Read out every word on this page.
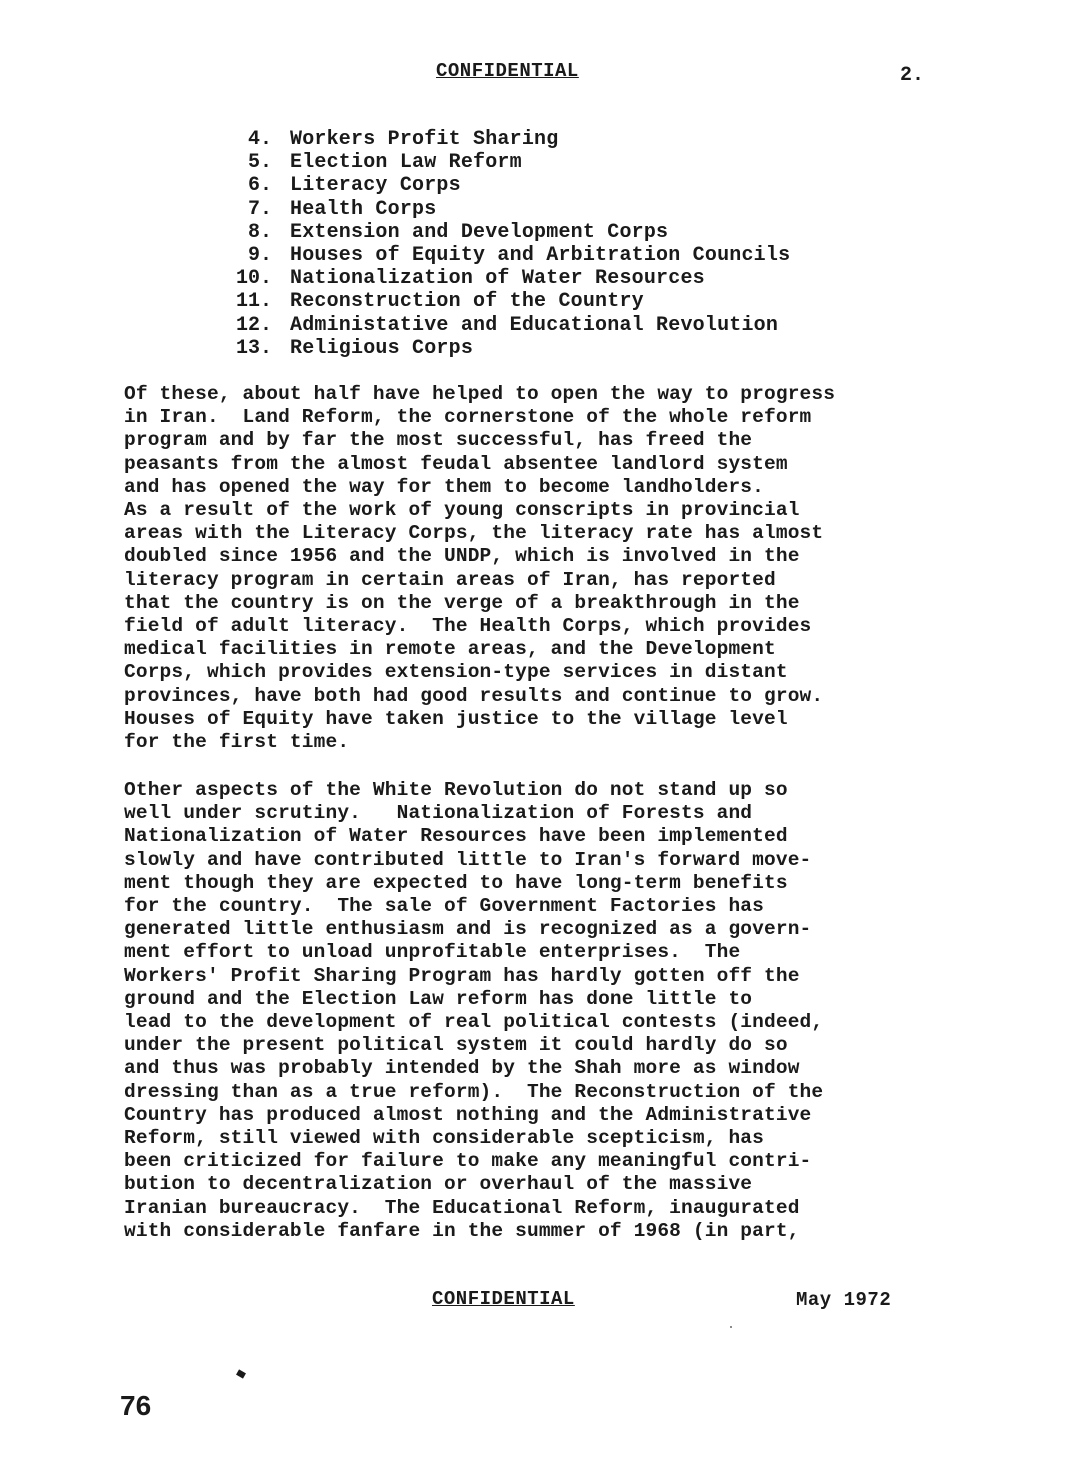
CONFIDENTIAL	2.
4. Workers Profit Sharing
5. Election Law Reform
6. Literacy Corps
7. Health Corps
8. Extension and Development Corps
9. Houses of Equity and Arbitration Councils
10. Nationalization of Water Resources
11. Reconstruction of the Country
12. Administative and Educational Revolution
13. Religious Corps

Of these, about half have helped to open the way to progress
in Iran.  Land Reform, the cornerstone of the whole reform
program and by far the most successful, has freed the
peasants from the almost feudal absentee landlord system
and has opened the way for them to become landholders.
As a result of the work of young conscripts in provincial
areas with the Literacy Corps, the literacy rate has almost
doubled since 1956 and the UNDP, which is involved in the
literacy program in certain areas of Iran, has reported
that the country is on the verge of a breakthrough in the
field of adult literacy.  The Health Corps, which provides
medical facilities in remote areas, and the Development
Corps, which provides extension-type services in distant
provinces, have both had good results and continue to grow.
Houses of Equity have taken justice to the village level
for the first time.

Other aspects of the White Revolution do not stand up so
well under scrutiny.   Nationalization of Forests and
Nationalization of Water Resources have been implemented
slowly and have contributed little to Iran's forward move-
ment though they are expected to have long-term benefits
for the country.  The sale of Government Factories has
generated little enthusiasm and is recognized as a govern-
ment effort to unload unprofitable enterprises.  The
Workers' Profit Sharing Program has hardly gotten off the
ground and the Election Law reform has done little to
lead to the development of real political contests (indeed,
under the present political system it could hardly do so
and thus was probably intended by the Shah more as window
dressing than as a true reform).  The Reconstruction of the
Country has produced almost nothing and the Administrative
Reform, still viewed with considerable scepticism, has
been criticized for failure to make any meaningful contri-
bution to decentralization or overhaul of the massive
Iranian bureaucracy.  The Educational Reform, inaugurated
with considerable fanfare in the summer of 1968 (in part,

CONFIDENTIAL	May 1972
76
